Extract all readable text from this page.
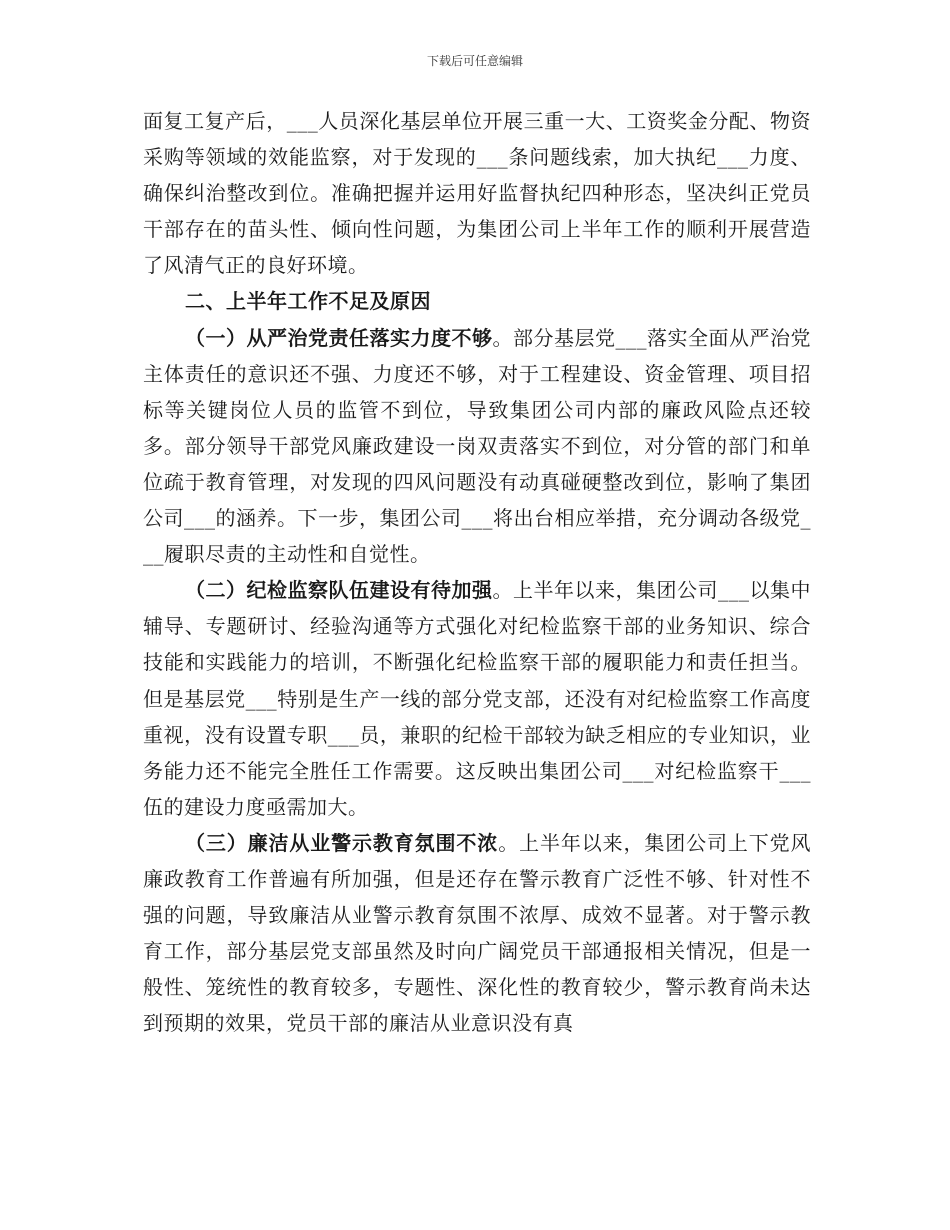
下载后可任意编辑

面复工复产后，___人员深化基层单位开展三重一大、工资奖金分配、物资采购等领域的效能监察，对于发现的___条问题线索，加大执纪___力度、确保纠治整改到位。准确把握并运用好监督执纪四种形态，坚决纠正党员干部存在的苗头性、倾向性问题，为集团公司上半年工作的顺利开展营造了风清气正的良好环境。

二、上半年工作不足及原因

（一）从严治党责任落实力度不够。部分基层党___落实全面从严治党主体责任的意识还不强、力度还不够，对于工程建设、资金管理、项目招标等关键岗位人员的监管不到位，导致集团公司内部的廉政风险点还较多。部分领导干部党风廉政建设一岗双责落实不到位，对分管的部门和单位疏于教育管理，对发现的四风问题没有动真碰硬整改到位，影响了集团公司___的涵养。下一步，集团公司___将出台相应举措，充分调动各级党___履职尽责的主动性和自觉性。

（二）纪检监察队伍建设有待加强。上半年以来，集团公司___以集中辅导、专题研讨、经验沟通等方式强化对纪检监察干部的业务知识、综合技能和实践能力的培训，不断强化纪检监察干部的履职能力和责任担当。但是基层党___特别是生产一线的部分党支部，还没有对纪检监察工作高度重视，没有设置专职___员，兼职的纪检干部较为缺乏相应的专业知识，业务能力还不能完全胜任工作需要。这反映出集团公司___对纪检监察干___伍的建设力度亟需加大。

（三）廉洁从业警示教育氛围不浓。上半年以来，集团公司上下党风廉政教育工作普遍有所加强，但是还存在警示教育广泛性不够、针对性不强的问题，导致廉洁从业警示教育氛围不浓厚、成效不显著。对于警示教育工作，部分基层党支部虽然及时向广阔党员干部通报相关情况，但是一般性、笼统性的教育较多，专题性、深化性的教育较少，警示教育尚未达到预期的效果，党员干部的廉洁从业意识没有真
